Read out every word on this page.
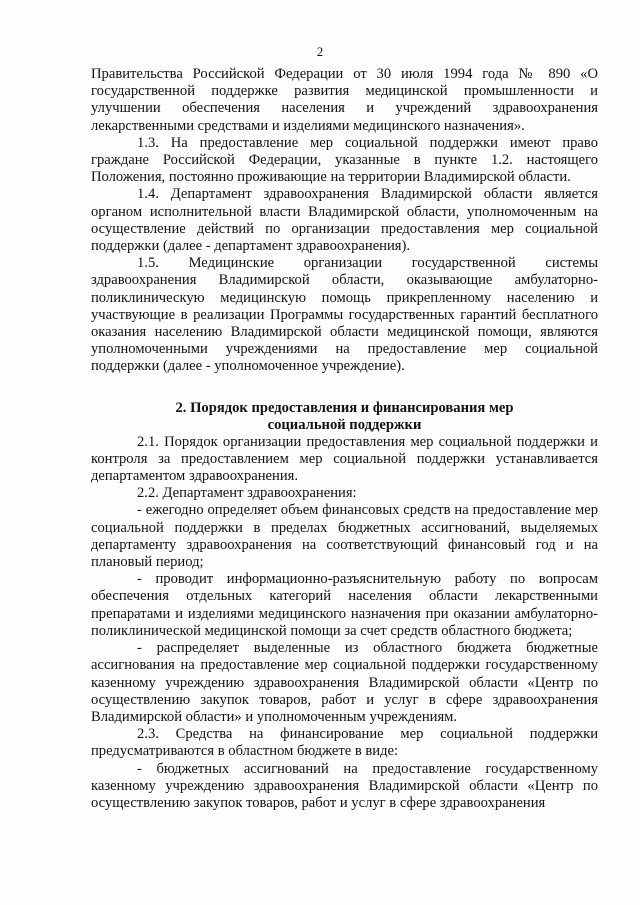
2

Правительства Российской Федерации от 30 июля 1994 года № 890 «О государственной поддержке развития медицинской промышленности и улучшении обеспечения населения и учреждений здравоохранения лекарственными средствами и изделиями медицинского назначения».

1.3. На предоставление мер социальной поддержки имеют право граждане Российской Федерации, указанные в пункте 1.2. настоящего Положения, постоянно проживающие на территории Владимирской области.

1.4. Департамент здравоохранения Владимирской области является органом исполнительной власти Владимирской области, уполномоченным на осуществление действий по организации предоставления мер социальной поддержки (далее - департамент здравоохранения).

1.5. Медицинские организации государственной системы здравоохранения Владимирской области, оказывающие амбулаторно-поликлиническую медицинскую помощь прикрепленному населению и участвующие в реализации Программы государственных гарантий бесплатного оказания населению Владимирской области медицинской помощи, являются уполномоченными учреждениями на предоставление мер социальной поддержки (далее - уполномоченное учреждение).

2. Порядок предоставления и финансирования мер
социальной поддержки

2.1. Порядок организации предоставления мер социальной поддержки и контроля за предоставлением мер социальной поддержки устанавливается департаментом здравоохранения.

2.2. Департамент здравоохранения:

- ежегодно определяет объем финансовых средств на предоставление мер социальной поддержки в пределах бюджетных ассигнований, выделяемых департаменту здравоохранения на соответствующий финансовый год и на плановый период;

- проводит информационно-разъяснительную работу по вопросам обеспечения отдельных категорий населения области лекарственными препаратами и изделиями медицинского назначения при оказании амбулаторно-поликлинической медицинской помощи за счет средств областного бюджета;

- распределяет выделенные из областного бюджета бюджетные ассигнования на предоставление мер социальной поддержки государственному казенному учреждению здравоохранения Владимирской области «Центр по осуществлению закупок товаров, работ и услуг в сфере здравоохранения Владимирской области» и уполномоченным учреждениям.

2.3. Средства на финансирование мер социальной поддержки предусматриваются в областном бюджете в виде:

- бюджетных ассигнований на предоставление государственному казенному учреждению здравоохранения Владимирской области «Центр по осуществлению закупок товаров, работ и услуг в сфере здравоохранения
